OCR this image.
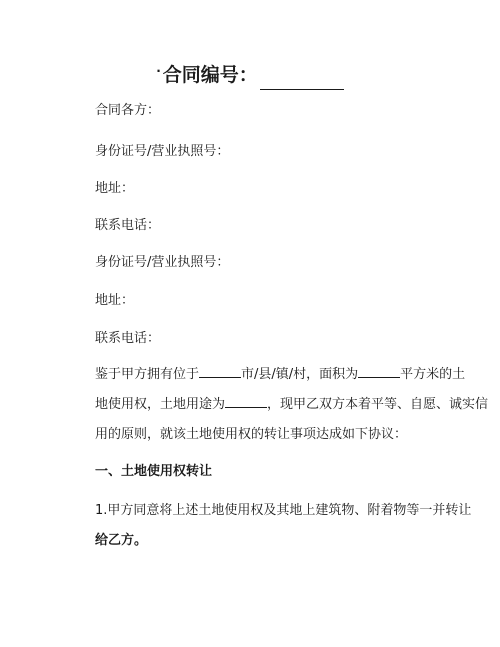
· 合同编号：
合同各方：
身份证号/营业执照号：
地址：
联系电话：
身份证号/营业执照号：
地址：
联系电话：
鉴于甲方拥有位于	市/县/镇/村，面积为	平方米的土
地使用权，土地用途为	，现甲乙双方本着平等、自愿、诚实信
用的原则，就该土地使用权的转让事项达成如下协议：
一、土地使用权转让
1.甲方同意将上述土地使用权及其地上建筑物、附着物等一并转让
给乙方。
